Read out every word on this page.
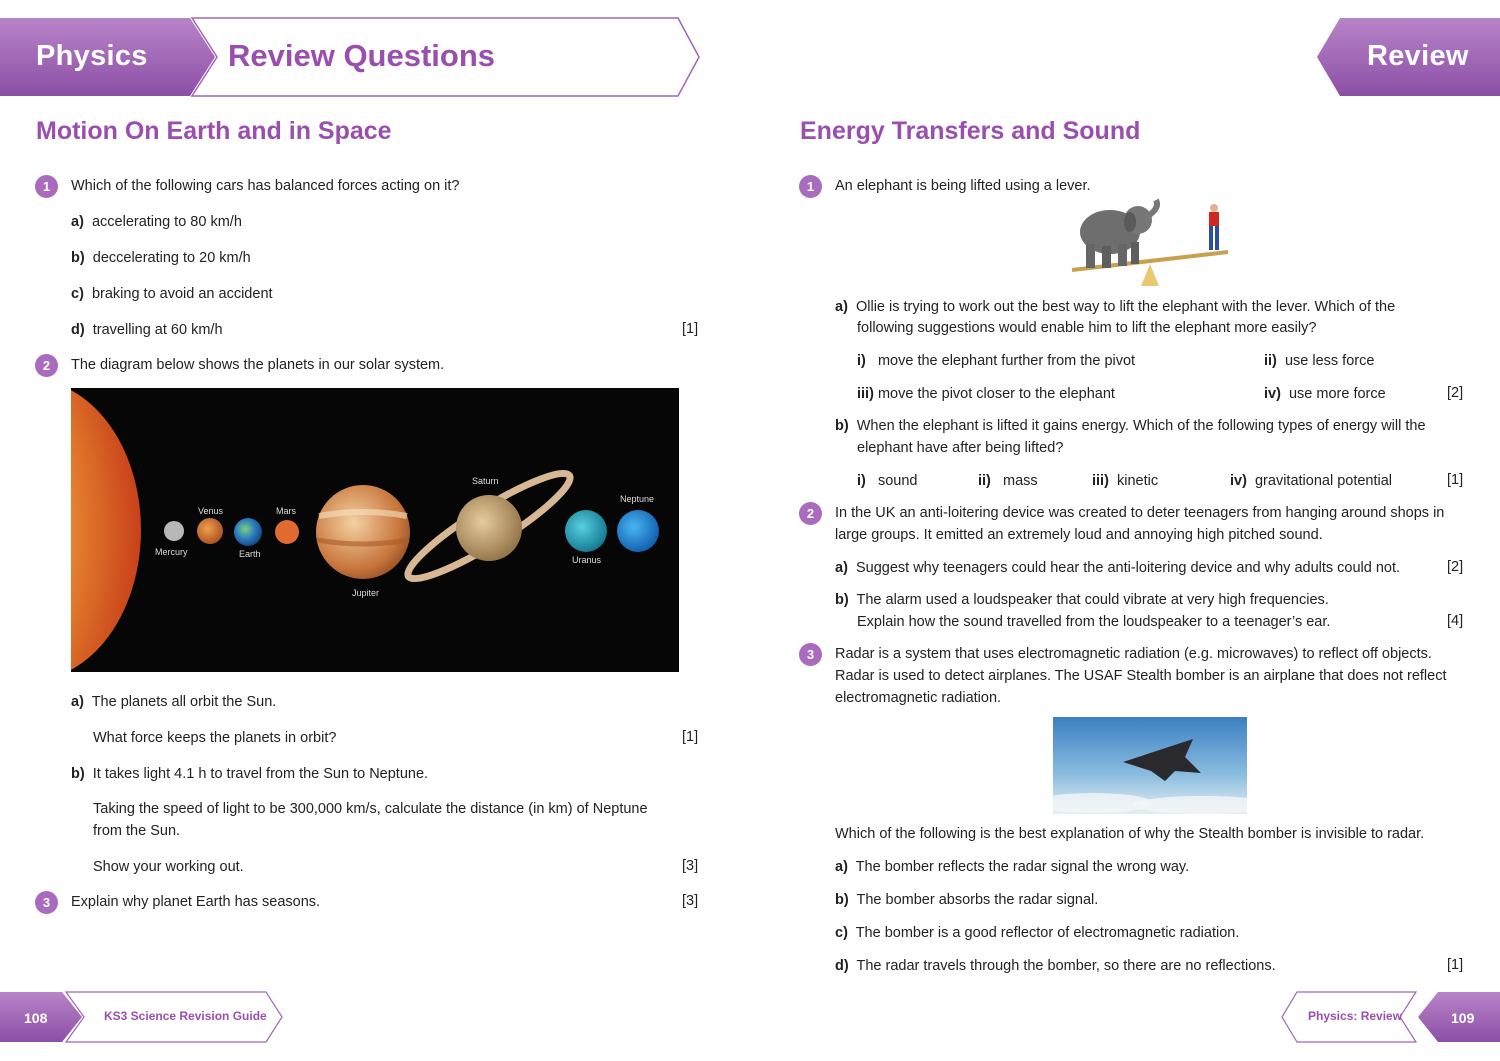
Physics	Review Questions	Review
Motion On Earth and in Space
1	Which of the following cars has balanced forces acting on it?
a) accelerating to 80 km/h
b) deccelerating to 20 km/h
c) braking to avoid an accident
d) travelling at 60 km/h	[1]
2	The diagram below shows the planets in our solar system.
Mercury
Venus
Earth
Mars
Jupiter
Saturn
Uranus
Neptune
a) The planets all orbit the Sun.
What force keeps the planets in orbit?	[1]
b) It takes light 4.1 h to travel from the Sun to Neptune.
Taking the speed of light to be 300,000 km/s, calculate the distance (in km) of Neptune
from the Sun.
Show your working out.	[3]
3	Explain why planet Earth has seasons.	[3]
Energy Transfers and Sound
1	An elephant is being lifted using a lever.
a) Ollie is trying to work out the best way to lift the elephant with the lever. Which of the
following suggestions would enable him to lift the elephant more easily?
i) move the elephant further from the pivot	ii) use less force
iii) move the pivot closer to the elephant	iv) use more force	[2]
b) When the elephant is lifted it gains energy. Which of the following types of energy will the
elephant have after being lifted?
i) sound	ii) mass	iii) kinetic	iv) gravitational potential	[1]
2	In the UK an anti-loitering device was created to deter teenagers from hanging around shops in
large groups. It emitted an extremely loud and annoying high pitched sound.
a) Suggest why teenagers could hear the anti-loitering device and why adults could not.	[2]
b) The alarm used a loudspeaker that could vibrate at very high frequencies.
Explain how the sound travelled from the loudspeaker to a teenager’s ear.	[4]
3	Radar is a system that uses electromagnetic radiation (e.g. microwaves) to reflect off objects.
Radar is used to detect airplanes. The USAF Stealth bomber is an airplane that does not reflect
electromagnetic radiation.
Which of the following is the best explanation of why the Stealth bomber is invisible to radar.
a) The bomber reflects the radar signal the wrong way.
b) The bomber absorbs the radar signal.
c) The bomber is a good reflector of electromagnetic radiation.
d) The radar travels through the bomber, so there are no reflections.	[1]
108	KS3 Science Revision Guide	Physics: Review	109
